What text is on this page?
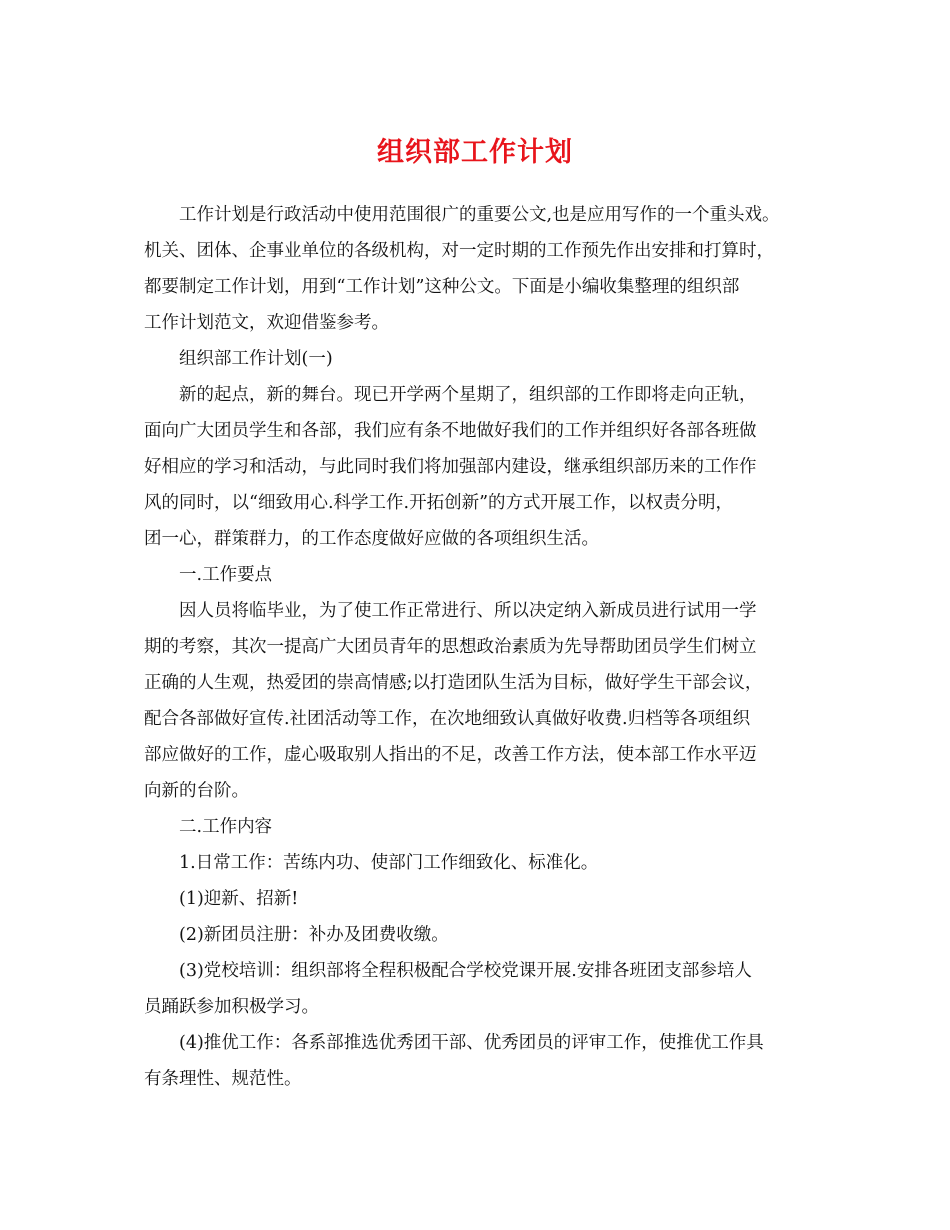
组织部工作计划

工作计划是行政活动中使用范围很广的重要公文,也是应用写作的一个重头戏。

机关、团体、企事业单位的各级机构，对一定时期的工作预先作出安排和打算时，

都要制定工作计划，用到“工作计划”这种公文。下面是小编收集整理的组织部

工作计划范文，欢迎借鉴参考。

组织部工作计划(一)

新的起点，新的舞台。现已开学两个星期了，组织部的工作即将走向正轨，

面向广大团员学生和各部，我们应有条不地做好我们的工作并组织好各部各班做

好相应的学习和活动，与此同时我们将加强部内建设，继承组织部历来的工作作

风的同时，以“细致用心.科学工作.开拓创新”的方式开展工作，以权责分明，

团一心，群策群力，的工作态度做好应做的各项组织生活。

一.工作要点

因人员将临毕业，为了使工作正常进行、所以决定纳入新成员进行试用一学

期的考察，其次一提高广大团员青年的思想政治素质为先导帮助团员学生们树立

正确的人生观，热爱团的崇高情感;以打造团队生活为目标，做好学生干部会议，

配合各部做好宣传.社团活动等工作，在次地细致认真做好收费.归档等各项组织

部应做好的工作，虚心吸取别人指出的不足，改善工作方法，使本部工作水平迈

向新的台阶。

二.工作内容

1.日常工作：苦练内功、使部门工作细致化、标准化。

(1)迎新、招新!

(2)新团员注册：补办及团费收缴。

(3)党校培训：组织部将全程积极配合学校党课开展.安排各班团支部参培人

员踊跃参加积极学习。

(4)推优工作：各系部推选优秀团干部、优秀团员的评审工作，使推优工作具

有条理性、规范性。
